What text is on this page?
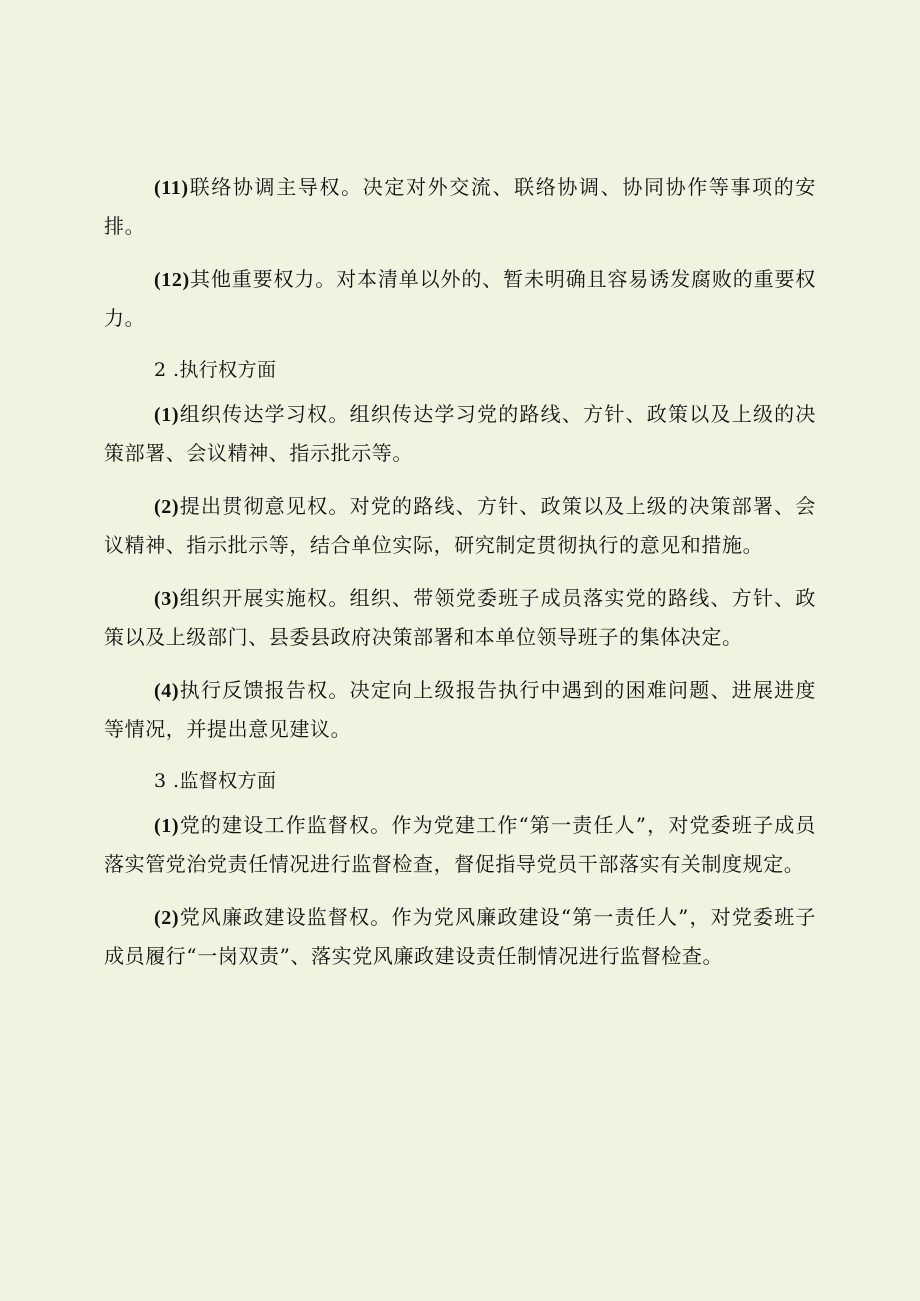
(11)联络协调主导权。决定对外交流、联络协调、协同协作等事项的安排。

(12)其他重要权力。对本清单以外的、暂未明确且容易诱发腐败的重要权力。

2 .执行权方面

(1)组织传达学习权。组织传达学习党的路线、方针、政策以及上级的决策部署、会议精神、指示批示等。

(2)提出贯彻意见权。对党的路线、方针、政策以及上级的决策部署、会议精神、指示批示等，结合单位实际，研究制定贯彻执行的意见和措施。

(3)组织开展实施权。组织、带领党委班子成员落实党的路线、方针、政策以及上级部门、县委县政府决策部署和本单位领导班子的集体决定。

(4)执行反馈报告权。决定向上级报告执行中遇到的困难问题、进展进度等情况，并提出意见建议。

3 .监督权方面

(1)党的建设工作监督权。作为党建工作“第一责任人”，对党委班子成员落实管党治党责任情况进行监督检查，督促指导党员干部落实有关制度规定。

(2)党风廉政建设监督权。作为党风廉政建设“第一责任人”，对党委班子成员履行“一岗双责”、落实党风廉政建设责任制情况进行监督检查。
